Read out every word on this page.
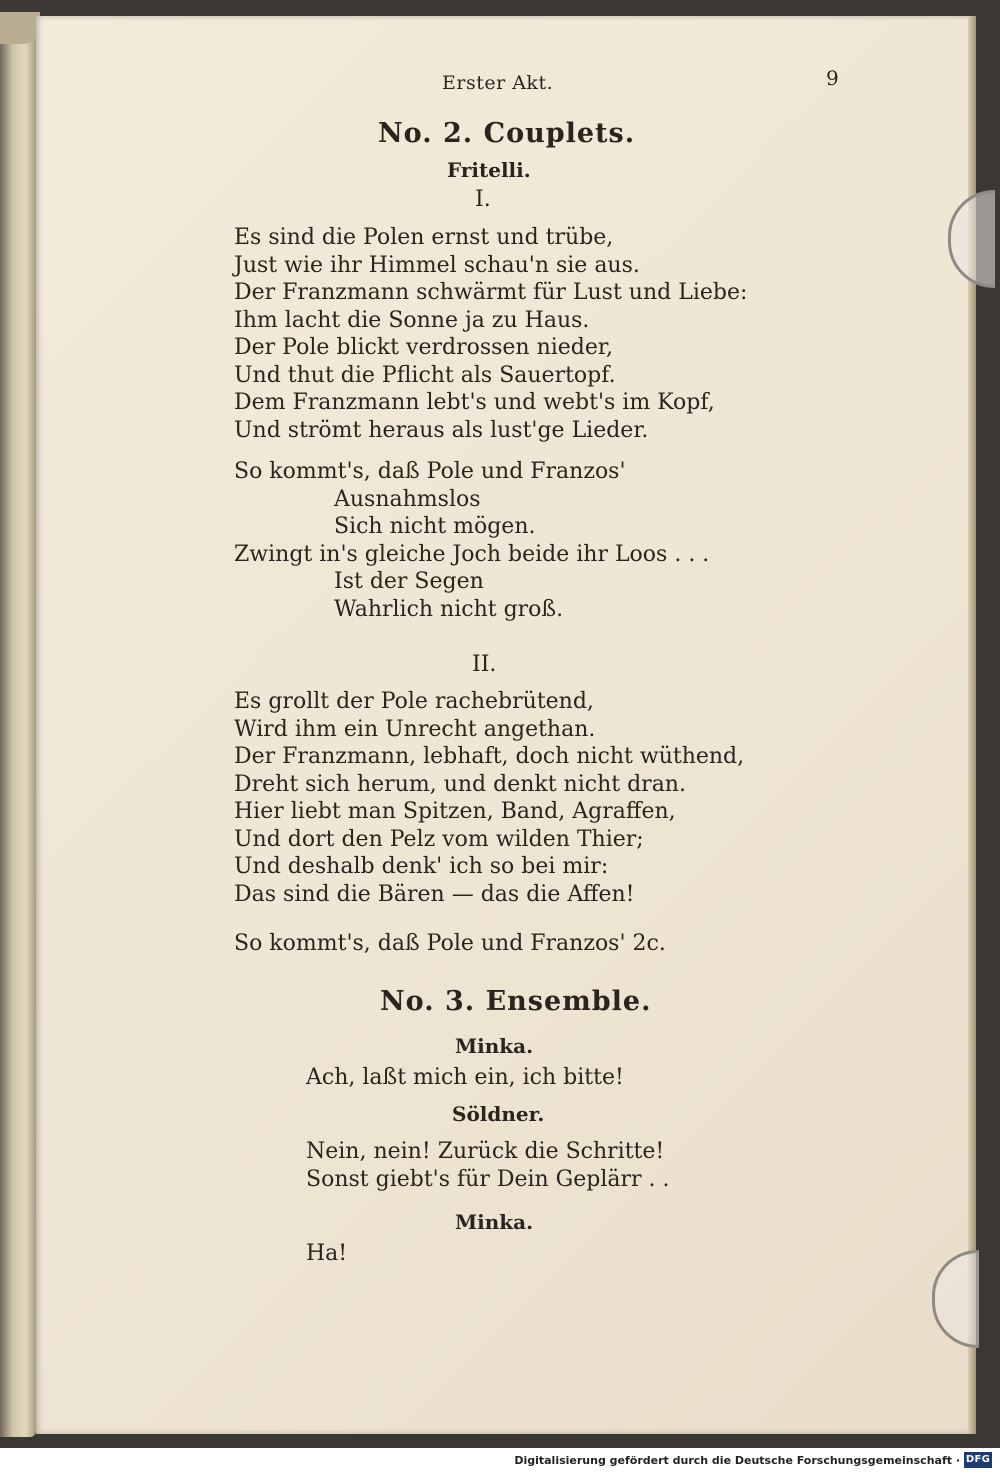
Erster Akt.	9
No. 2. Couplets.
Fritelli.
I.
Es sind die Polen ernst und trübe,
Just wie ihr Himmel schau'n sie aus.
Der Franzmann schwärmt für Lust und Liebe:
Ihm lacht die Sonne ja zu Haus.
Der Pole blickt verdrossen nieder,
Und thut die Pflicht als Sauertopf.
Dem Franzmann lebt's und webt's im Kopf,
Und strömt heraus als lust'ge Lieder.
So kommt's, daß Pole und Franzos'
Ausnahmslos
Sich nicht mögen.
Zwingt in's gleiche Joch beide ihr Loos . . .
Ist der Segen
Wahrlich nicht groß.
II.
Es grollt der Pole rachebrütend,
Wird ihm ein Unrecht angethan.
Der Franzmann, lebhaft, doch nicht wüthend,
Dreht sich herum, und denkt nicht dran.
Hier liebt man Spitzen, Band, Agraffen,
Und dort den Pelz vom wilden Thier;
Und deshalb denk' ich so bei mir:
Das sind die Bären — das die Affen!
So kommt's, daß Pole und Franzos' 2c.
No. 3. Ensemble.
Minka.
Ach, laßt mich ein, ich bitte!
Söldner.
Nein, nein! Zurück die Schritte!
Sonst giebt's für Dein Geplärr . .
Minka.
Ha!
Digitalisierung gefördert durch die Deutsche Forschungsgemeinschaft · DFG
